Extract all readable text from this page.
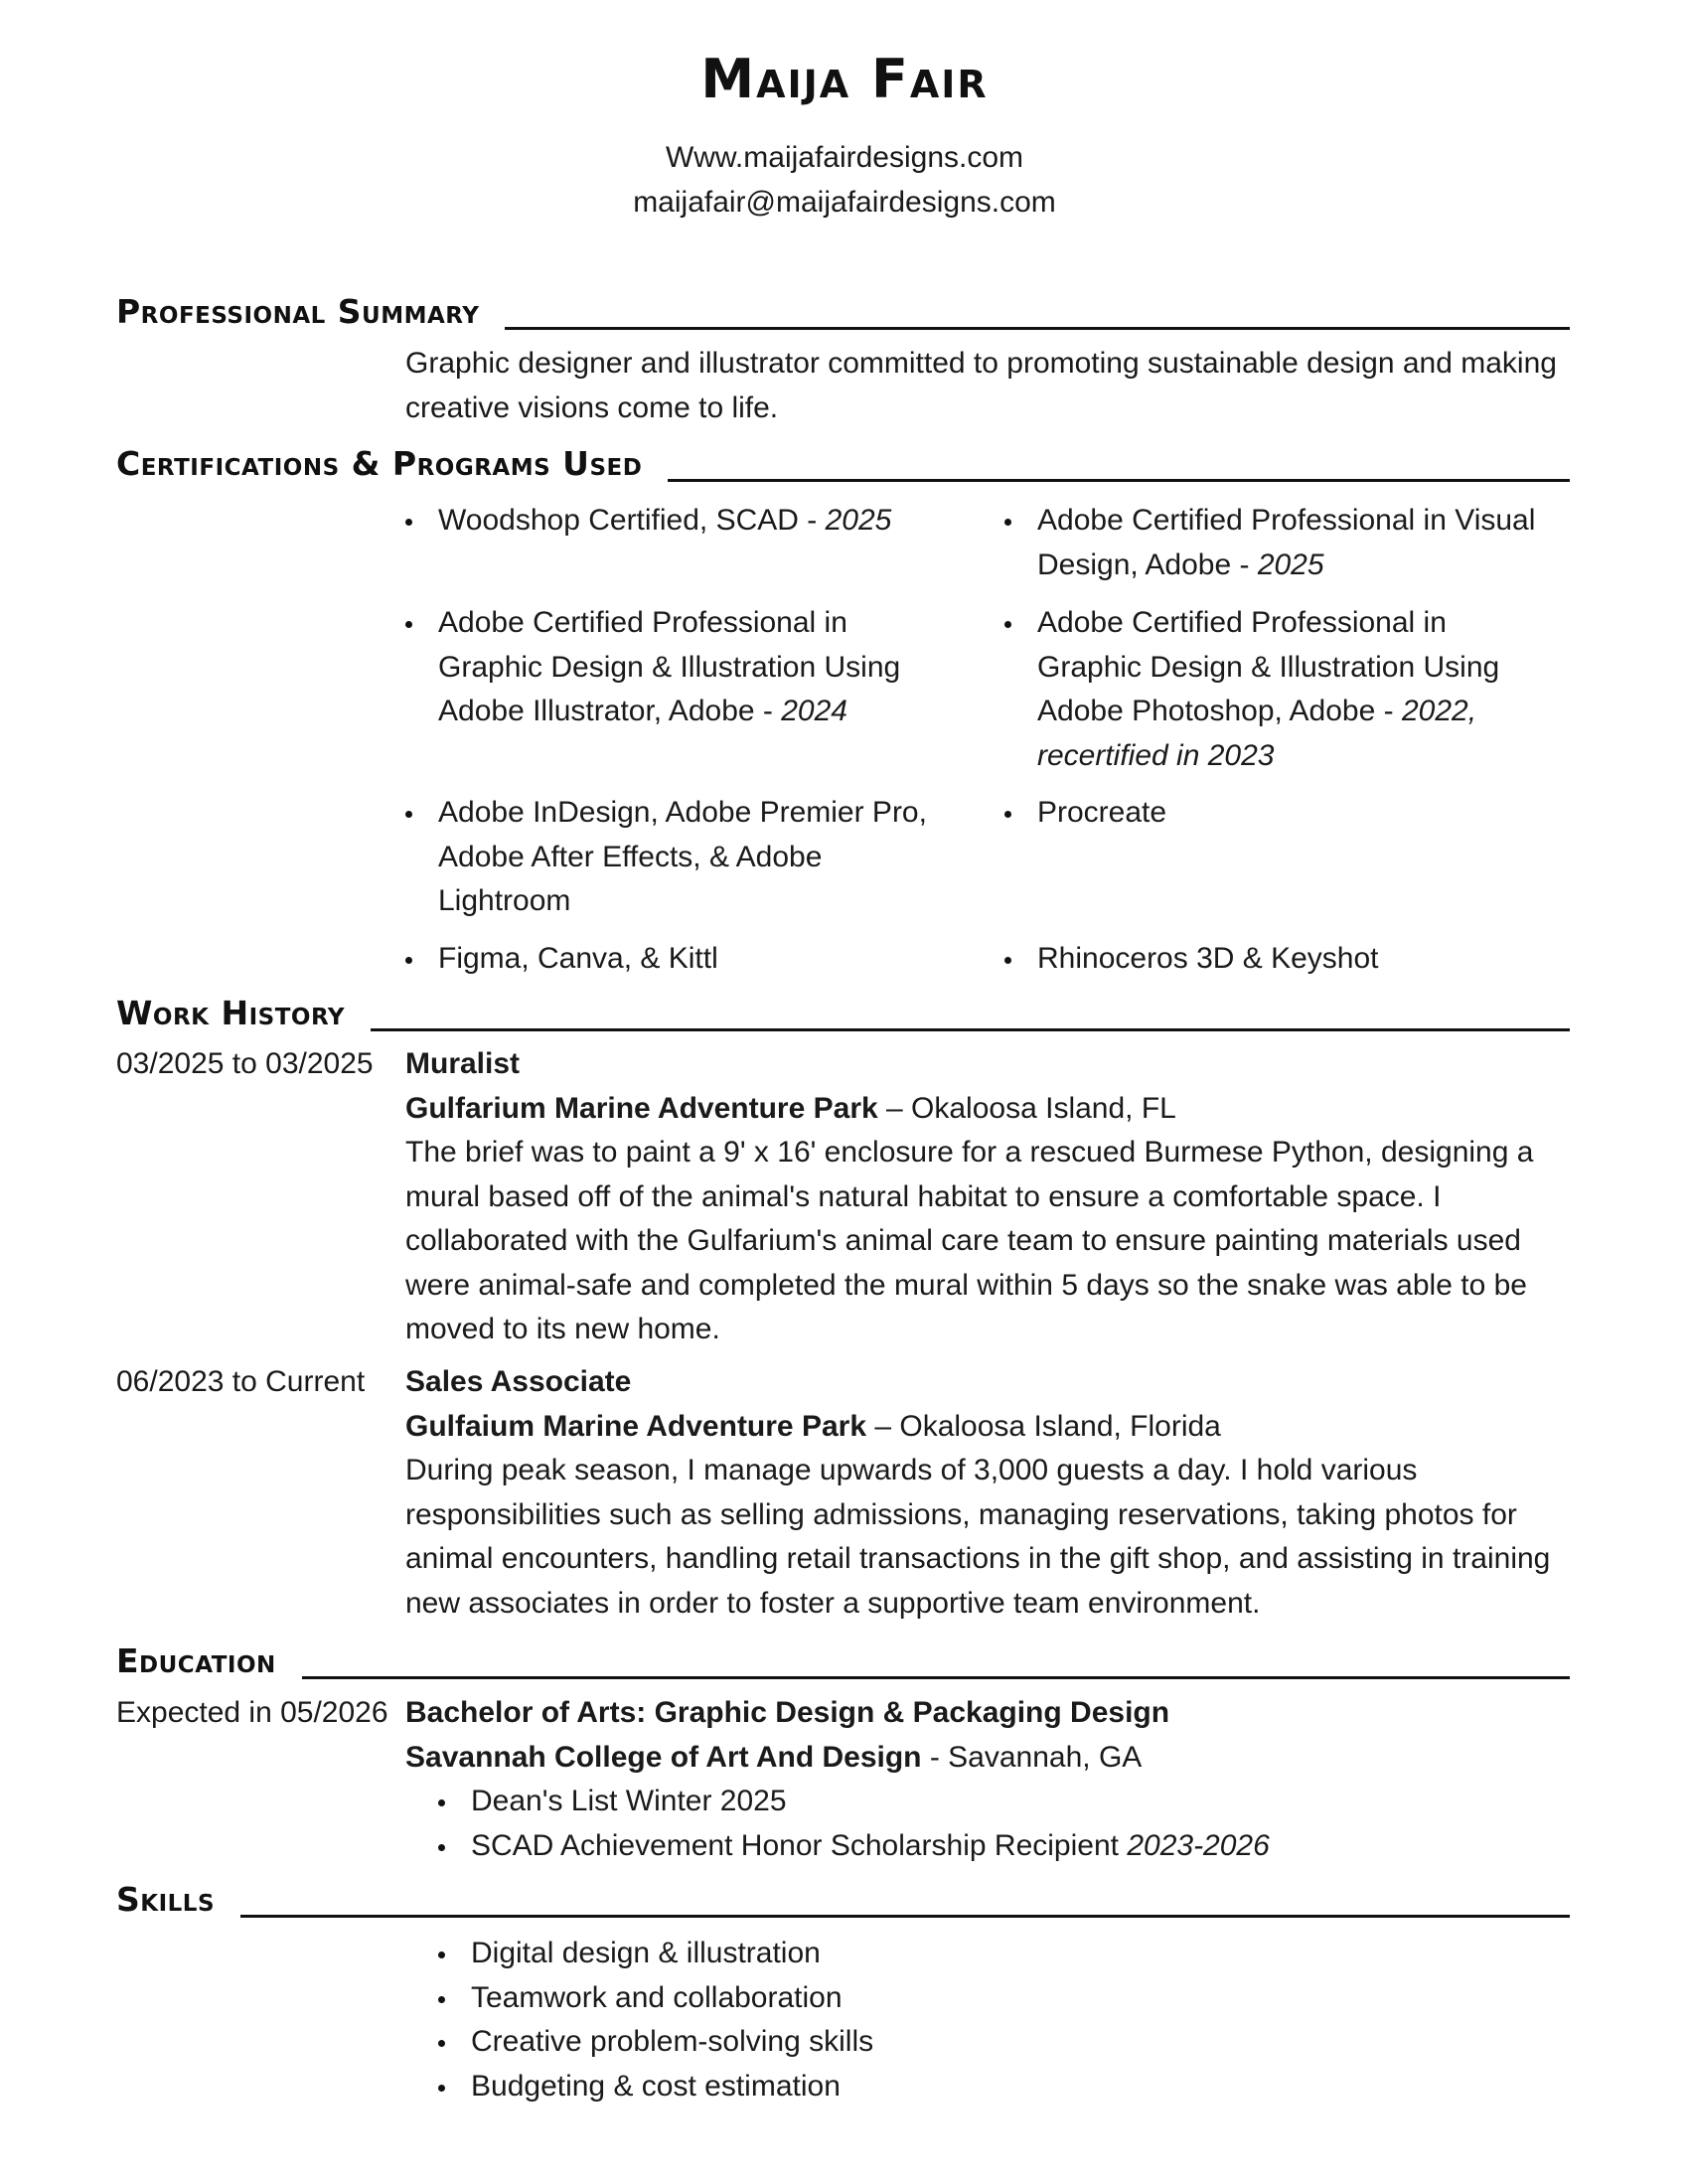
Maija Fair
Www.maijafairdesigns.com
maijafair@maijafairdesigns.com
Professional Summary
Graphic designer and illustrator committed to promoting sustainable design and making creative visions come to life.
Certifications & Programs Used
Woodshop Certified, SCAD - 2025
Adobe Certified Professional in Graphic Design & Illustration Using Adobe Illustrator, Adobe - 2024
Adobe InDesign, Adobe Premier Pro, Adobe After Effects, & Adobe Lightroom
Figma, Canva, & Kittl
Adobe Certified Professional in Visual Design, Adobe - 2025
Adobe Certified Professional in Graphic Design & Illustration Using Adobe Photoshop, Adobe - 2022, recertified in 2023
Procreate
Rhinoceros 3D & Keyshot
Work History
03/2025 to 03/2025 Muralist
Gulfarium Marine Adventure Park – Okaloosa Island, FL
The brief was to paint a 9' x 16' enclosure for a rescued Burmese Python, designing a mural based off of the animal's natural habitat to ensure a comfortable space. I collaborated with the Gulfarium's animal care team to ensure painting materials used were animal-safe and completed the mural within 5 days so the snake was able to be moved to its new home.
06/2023 to Current Sales Associate
Gulfaium Marine Adventure Park – Okaloosa Island, Florida
During peak season, I manage upwards of 3,000 guests a day. I hold various responsibilities such as selling admissions, managing reservations, taking photos for animal encounters, handling retail transactions in the gift shop, and assisting in training new associates in order to foster a supportive team environment.
Education
Expected in 05/2026 Bachelor of Arts: Graphic Design & Packaging Design
Savannah College of Art And Design - Savannah, GA
Dean's List Winter 2025
SCAD Achievement Honor Scholarship Recipient 2023-2026
Skills
Digital design & illustration
Teamwork and collaboration
Creative problem-solving skills
Budgeting & cost estimation
